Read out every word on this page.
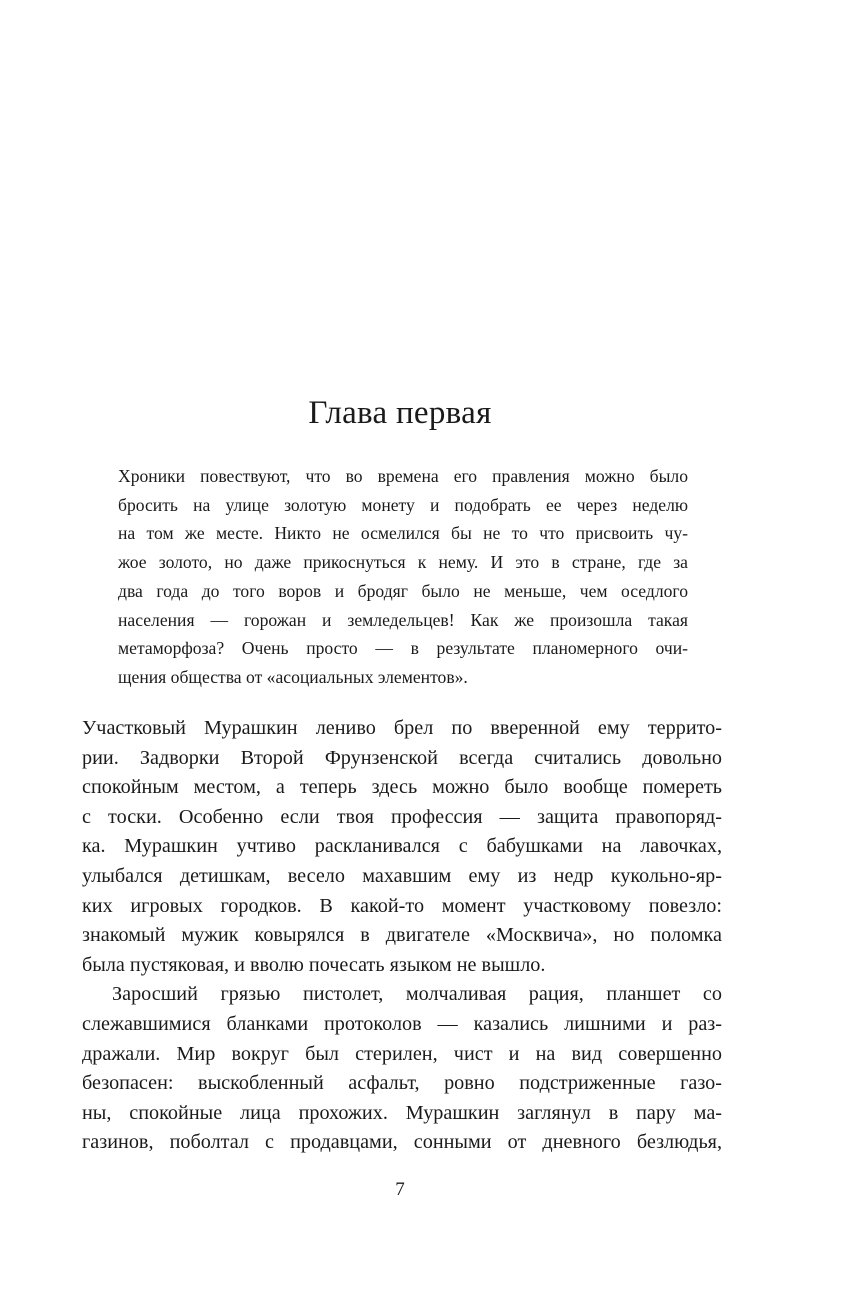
Глава первая
Хроники повествуют, что во времена его правления можно было
бросить на улице золотую монету и подобрать ее через неделю
на том же месте. Никто не осмелился бы не то что присвоить чу-
жое золото, но даже прикоснуться к нему. И это в стране, где за
два года до того воров и бродяг было не меньше, чем оседлого
населения — горожан и земледельцев! Как же произошла такая
метаморфоза? Очень просто — в результате планомерного очи-
щения общества от «асоциальных элементов».
Участковый Мурашкин лениво брел по вверенной ему террито-
рии. Задворки Второй Фрунзенской всегда считались довольно
спокойным местом, а теперь здесь можно было вообще помереть
с тоски. Особенно если твоя профессия — защита правопоряд-
ка. Мурашкин учтиво раскланивался с бабушками на лавочках,
улыбался детишкам, весело махавшим ему из недр кукольно-яр-
ких игровых городков. В какой-то момент участковому повезло:
знакомый мужик ковырялся в двигателе «Москвича», но поломка
была пустяковая, и вволю почесать языком не вышло.
Заросший грязью пистолет, молчаливая рация, планшет со
слежавшимися бланками протоколов — казались лишними и раз-
дражали. Мир вокруг был стерилен, чист и на вид совершенно
безопасен: выскобленный асфальт, ровно подстриженные газо-
ны, спокойные лица прохожих. Мурашкин заглянул в пару ма-
газинов, поболтал с продавцами, сонными от дневного безлюдья,
7
